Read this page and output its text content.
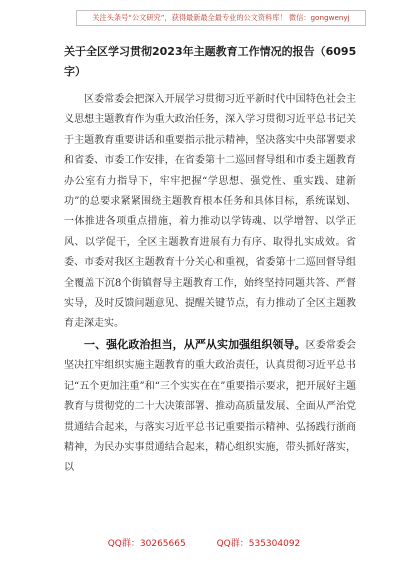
关注头条号“公文研究”，获得最新最全最专业的公文资料库！ 微信：gongwenyj
关于全区学习贯彻2023年主题教育工作情况的报告（6095字）

区委常委会把深入开展学习贯彻习近平新时代中国特色社会主义思想主题教育作为重大政治任务，深入学习贯彻习近平总书记关于主题教育重要讲话和重要指示批示精神，坚决落实中央部署要求和省委、市委工作安排，在省委第十二巡回督导组和市委主题教育办公室有力指导下，牢牢把握“学思想、强党性、重实践、建新功”的总要求紧紧围绕主题教育根本任务和具体目标，系统谋划、一体推进各项重点措施，着力推动以学铸魂、以学增智、以学正风、以学促干，全区主题教育进展有力有序、取得扎实成效。省委、市委对我区主题教育十分关心和重视，省委第十二巡回督导组全覆盖下沉8个街镇督导主题教育工作，始终坚持同题共答、严督实导，及时反馈问题意见、提醒关键节点，有力推动了全区主题教育走深走实。

一、强化政治担当，从严从实加强组织领导。区委常委会坚决扛牢组织实施主题教育的重大政治责任，认真贯彻习近平总书记“五个更加注重”和“三个实实在在”重要指示要求，把开展好主题教育与贯彻党的二十大决策部署、推动高质量发展、全面从严治党贯通结合起来，与落实习近平总书记重要指示精神、弘扬践行浙商精神，为民办实事贯通结合起来，精心组织实施，带头抓好落实，以

QQ群：30265665	QQ群：535304092
